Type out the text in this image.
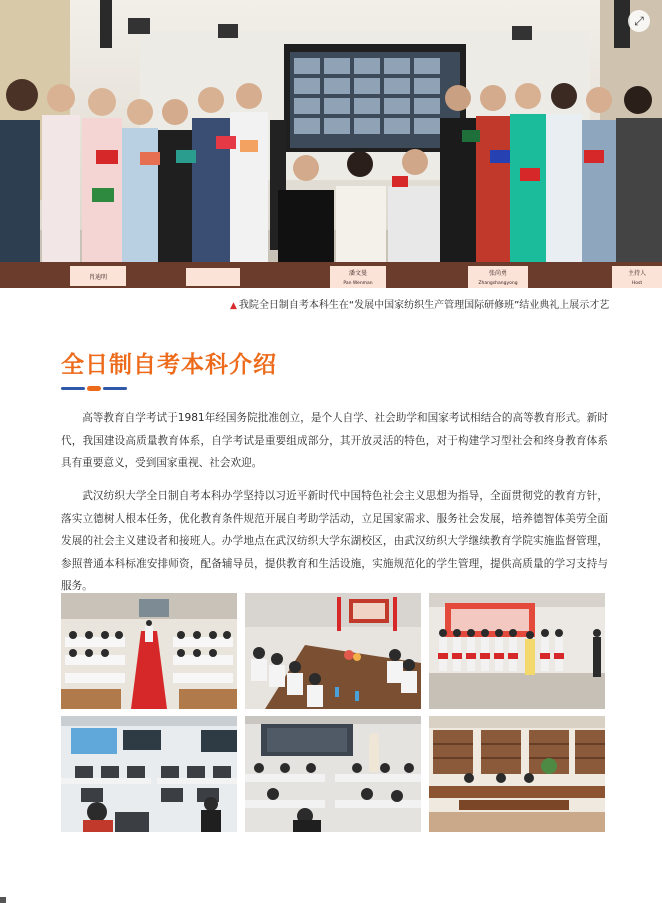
肖迪明
潘文曼
Pan Wenman
张尚勇
Zhangshangyong
主持人
Host
⤢
▲ 我院全日制自考本科生在“发展中国家纺织生产管理国际研修班”结业典礼上展示才艺
全日制自考本科介绍

高等教育自学考试于1981年经国务院批准创立，是个人自学、社会助学和国家考试相结合的高等教育形式。新时代，我国建设高质量教育体系，自学考试是重要组成部分，其开放灵活的特色，对于构建学习型社会和终身教育体系具有重要意义，受到国家重视、社会欢迎。

武汉纺织大学全日制自考本科办学坚持以习近平新时代中国特色社会主义思想为指导，全面贯彻党的教育方针，落实立德树人根本任务，优化教育条件规范开展自考助学活动，立足国家需求、服务社会发展，培养德智体美劳全面发展的社会主义建设者和接班人。办学地点在武汉纺织大学东湖校区，由武汉纺织大学继续教育学院实施监督管理，参照普通本科标准安排师资，配备辅导员，提供教育和生活设施，实施规范化的学生管理，提供高质量的学习支持与服务。
